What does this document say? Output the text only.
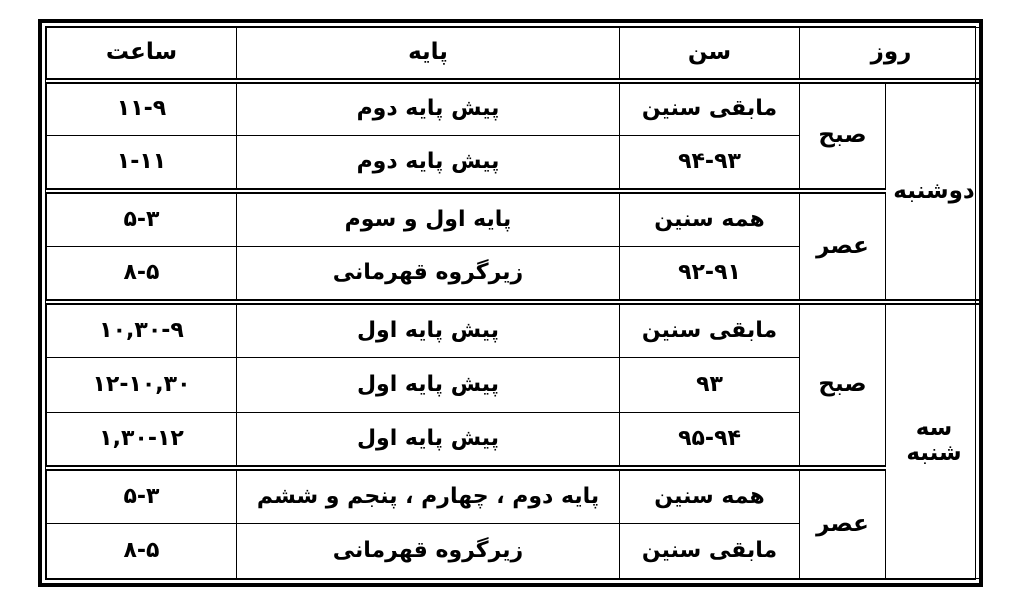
روز		سن	پایه	ساعت
دوشنبه	صبح	مابقی سنین	پیش پایه دوم	۱۱-۹
		۹۴-۹۳	پیش پایه دوم	۱-۱۱
	عصر	همه سنین	پایه اول و سوم	۵-۳
		۹۲-۹۱	زیرگروه قهرمانی	۸-۵
سه شنبه	صبح	مابقی سنین	پیش پایه اول	۱۰,۳۰-۹
		۹۳	پیش پایه اول	۱۲-۱۰,۳۰
		۹۵-۹۴	پیش پایه اول	۱,۳۰-۱۲
	عصر	همه سنین	پایه دوم ، چهارم ، پنجم و ششم	۵-۳
		مابقی سنین	زیرگروه قهرمانی	۸-۵
